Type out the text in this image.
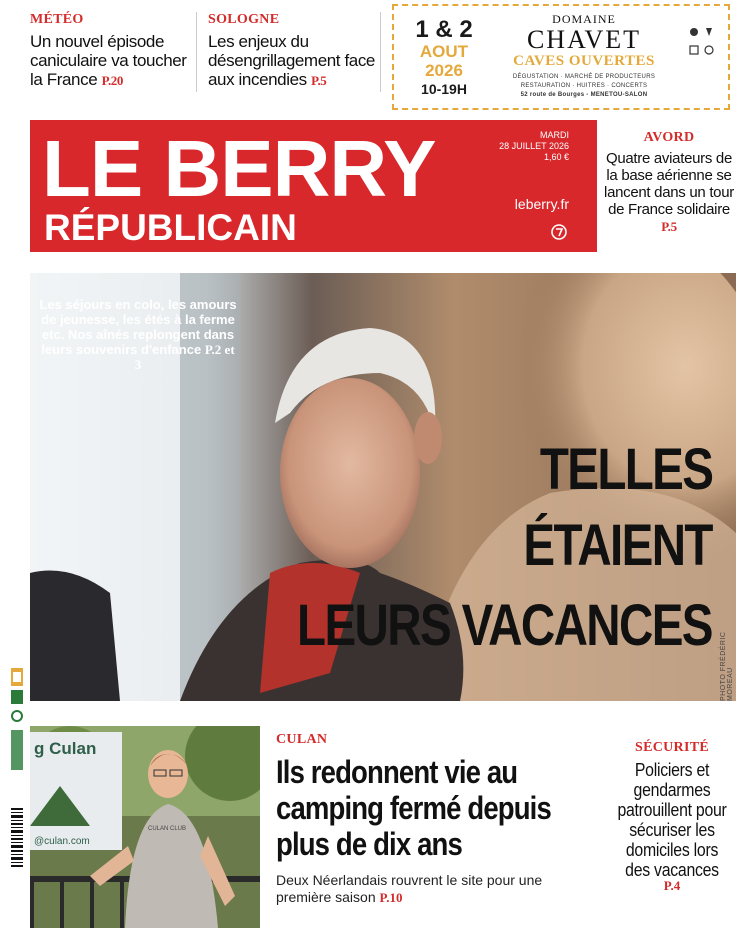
MÉTÉO
Un nouvel épisode caniculaire va toucher la France P.20
SOLOGNE
Les enjeux du désengrillagement face aux incendies P.5
1 & 2
AOUT
2026
10-19H
DOMAINE
CHAVET
CAVES OUVERTES
DÉGUSTATION · MARCHÉ DE PRODUCTEURS
RESTAURATION · HUITRES · CONCERTS
52 route de Bourges - MENETOU-SALON
LE BERRY
RÉPUBLICAIN
MARDI
28 JUILLET 2026
1,60 €
leberry.fr
AVORD
Quatre aviateurs de la base aérienne se lancent dans un tour de France solidaire P.5
Les séjours en colo, les amours de jeunesse, les étés à la ferme etc. Nos aînés replongent dans leurs souvenirs d'enfance P.2 et 3
TELLES
ÉTAIENT
LEURS VACANCES
PHOTO FRÉDÉRIC MOREAU
g Culan
@culan.com
CULAN CLUB
CULAN
Ils redonnent vie au camping fermé depuis plus de dix ans
Deux Néerlandais rouvrent le site pour une première saison P.10
SÉCURITÉ
Policiers et gendarmes patrouillent pour sécuriser les domiciles lors des vacances
P.4
